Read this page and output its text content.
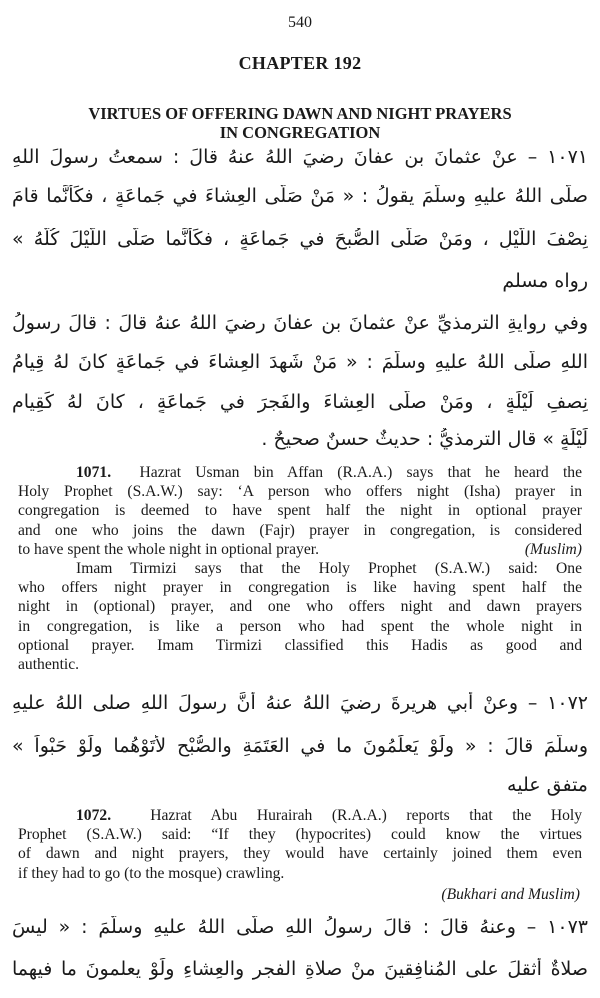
540
CHAPTER 192
VIRTUES OF OFFERING DAWN AND NIGHT PRAYERS
IN CONGREGATION
١٠٧١ – عنْ عثمانَ بنِ عفانَ رضيَ اللهُ عنهُ قالَ : سمعتُ رسولَ اللهِ
صلَّى اللهُ عليهِ وسلَّمَ يقولُ : « مَنْ صَلَّى العِشاءَ في جَماعَةٍ ، فكَأنَّما قامَ
نِصْفَ اللَّيْلِ ، ومَنْ صَلَّى الصُّبحَ في جَماعَةٍ ، فكَأنَّما صَلَّى اللَّيْلَ كُلَّهُ »
رواه مسلم
وفي روايةِ الترمذيِّ عنْ عثمانَ بنِ عفانَ رضيَ اللهُ عنهُ قالَ : قالَ رسولُ
اللهِ صلَّى اللهُ عليهِ وسلَّمَ : « مَنْ شَهِدَ العِشاءَ في جَماعَةٍ كانَ لهُ قِيامُ
نِصفِ لَيْلَةٍ ، ومَنْ صلَّى العِشاءَ والفَجرَ في جَماعَةٍ ، كانَ لهُ كَقِيامِ
لَيْلَةٍ » قال الترمذيُّ : حديثٌ حسنٌ صحيحٌ .
1071. Hazrat Usman bin Affan (R.A.A.) says that he heard the
Holy Prophet (S.A.W.) say: ‘A person who offers night (Isha) prayer in
congregation is deemed to have spent half the night in optional prayer
and one who joins the dawn (Fajr) prayer in congregation, is considered
to have spent the whole night in optional prayer.	(Muslim)
Imam Tirmizi says that the Holy Prophet (S.A.W.) said: One
who offers night prayer in congregation is like having spent half the
night in (optional) prayer, and one who offers night and dawn prayers
in congregation, is like a person who had spent the whole night in
optional prayer. Imam Tirmizi classified this Hadis as good and
authentic.
١٠٧٢ – وعنْ أبي هريرةَ رضيَ اللهُ عنهُ أنَّ رسولَ اللهِ صلى اللهُ عليهِ
وسلَّمَ قالَ : « ولَوْ يَعلَمُونَ ما في العَتَمَةِ والصُّبْحِ لأتَوْهُما ولَوْ حَبْواً »
متفق عليه
1072.	Hazrat Abu Hurairah (R.A.A.) reports that the Holy
Prophet (S.A.W.) said: “If they (hypocrites) could know the virtues
of dawn and night prayers, they would have certainly joined them even
if they had to go (to the mosque) crawling.
(Bukhari and Muslim)
١٠٧٣ – وعنهُ قالَ : قالَ رسولُ اللهِ صلَّى اللهُ عليهِ وسلَّمَ : « ليسَ
صلاةٌ أثقلَ على المُنافِقينَ منْ صلاةِ الفجرِ والعِشاءِ ولَوْ يعلمونَ ما فيهما
